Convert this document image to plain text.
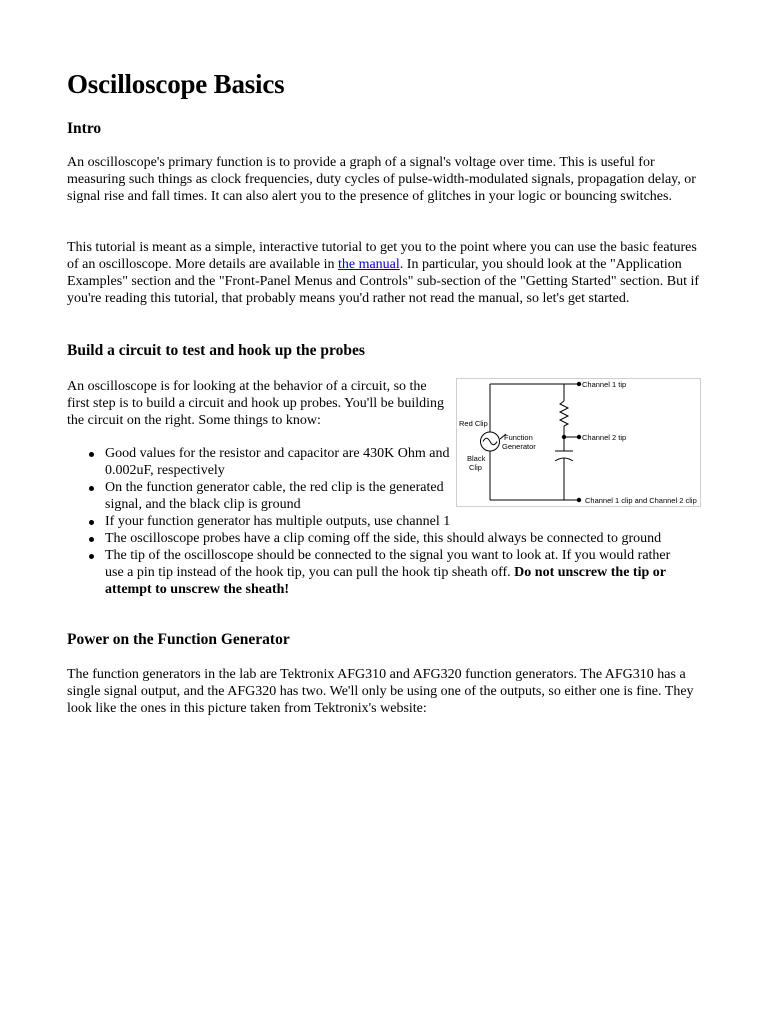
Oscilloscope Basics
Intro

An oscilloscope's primary function is to provide a graph of a signal's voltage over time. This is useful for measuring such things as clock frequencies, duty cycles of pulse-width-modulated signals, propagation delay, or signal rise and fall times. It can also alert you to the presence of glitches in your logic or bouncing switches.

This tutorial is meant as a simple, interactive tutorial to get you to the point where you can use the basic features of an oscilloscope. More details are available in the manual. In particular, you should look at the "Application Examples" section and the "Front-Panel Menus and Controls" sub-section of the "Getting Started" section. But if you're reading this tutorial, that probably means you'd rather not read the manual, so let's get started.

Build a circuit to test and hook up the probes

An oscilloscope is for looking at the behavior of a circuit, so the first step is to build a circuit and hook up probes. You'll be building the circuit on the right. Some things to know:

Channel 1 tip
Channel 2 tip
Red Clip
Function
Generator
Black
Clip
Channel 1 clip and Channel 2 clip
Good values for the resistor and capacitor are 430K Ohm and 0.002uF, respectively
On the function generator cable, the red clip is the generated signal, and the black clip is ground
If your function generator has multiple outputs, use channel 1
The oscilloscope probes have a clip coming off the side, this should always be connected to ground
The tip of the oscilloscope should be connected to the signal you want to look at. If you would rather use a pin tip instead of the hook tip, you can pull the hook tip sheath off. Do not unscrew the tip or attempt to unscrew the sheath!
Power on the Function Generator

The function generators in the lab are Tektronix AFG310 and AFG320 function generators. The AFG310 has a single signal output, and the AFG320 has two. We'll only be using one of the outputs, so either one is fine. They look like the ones in this picture taken from Tektronix's website:
